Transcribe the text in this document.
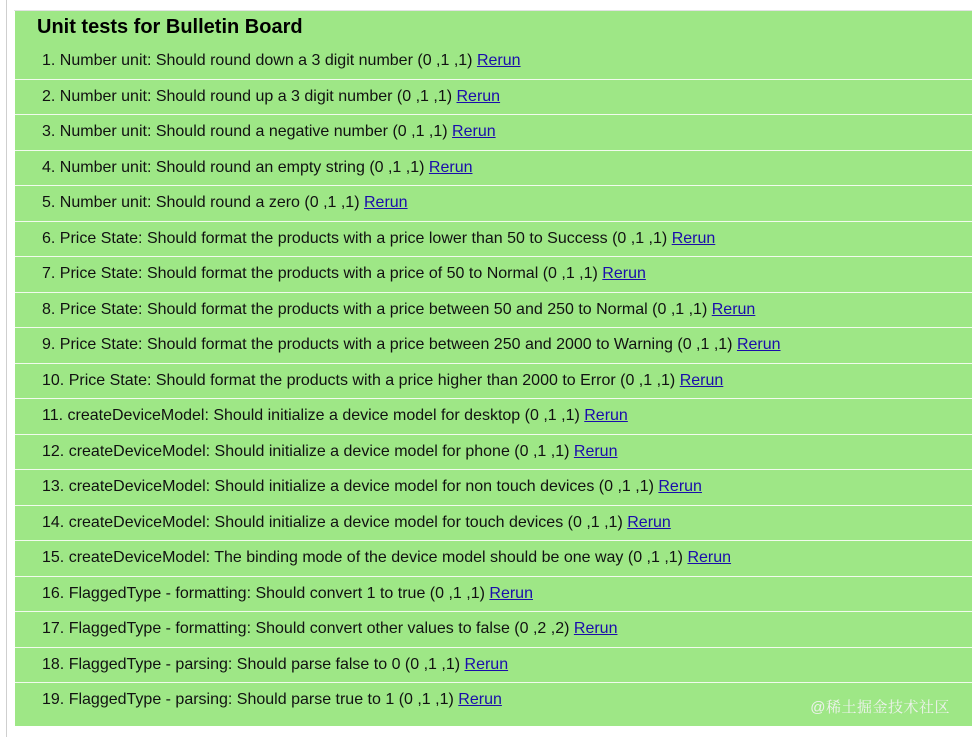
Unit tests for Bulletin Board
1. Number unit: Should round down a 3 digit number (0 ,1 ,1) Rerun
2. Number unit: Should round up a 3 digit number (0 ,1 ,1) Rerun
3. Number unit: Should round a negative number (0 ,1 ,1) Rerun
4. Number unit: Should round an empty string (0 ,1 ,1) Rerun
5. Number unit: Should round a zero (0 ,1 ,1) Rerun
6. Price State: Should format the products with a price lower than 50 to Success (0 ,1 ,1) Rerun
7. Price State: Should format the products with a price of 50 to Normal (0 ,1 ,1) Rerun
8. Price State: Should format the products with a price between 50 and 250 to Normal (0 ,1 ,1) Rerun
9. Price State: Should format the products with a price between 250 and 2000 to Warning (0 ,1 ,1) Rerun
10. Price State: Should format the products with a price higher than 2000 to Error (0 ,1 ,1) Rerun
11. createDeviceModel: Should initialize a device model for desktop (0 ,1 ,1) Rerun
12. createDeviceModel: Should initialize a device model for phone (0 ,1 ,1) Rerun
13. createDeviceModel: Should initialize a device model for non touch devices (0 ,1 ,1) Rerun
14. createDeviceModel: Should initialize a device model for touch devices (0 ,1 ,1) Rerun
15. createDeviceModel: The binding mode of the device model should be one way (0 ,1 ,1) Rerun
16. FlaggedType - formatting: Should convert 1 to true (0 ,1 ,1) Rerun
17. FlaggedType - formatting: Should convert other values to false (0 ,2 ,2) Rerun
18. FlaggedType - parsing: Should parse false to 0 (0 ,1 ,1) Rerun
19. FlaggedType - parsing: Should parse true to 1 (0 ,1 ,1) Rerun	@稀土掘金技术社区
